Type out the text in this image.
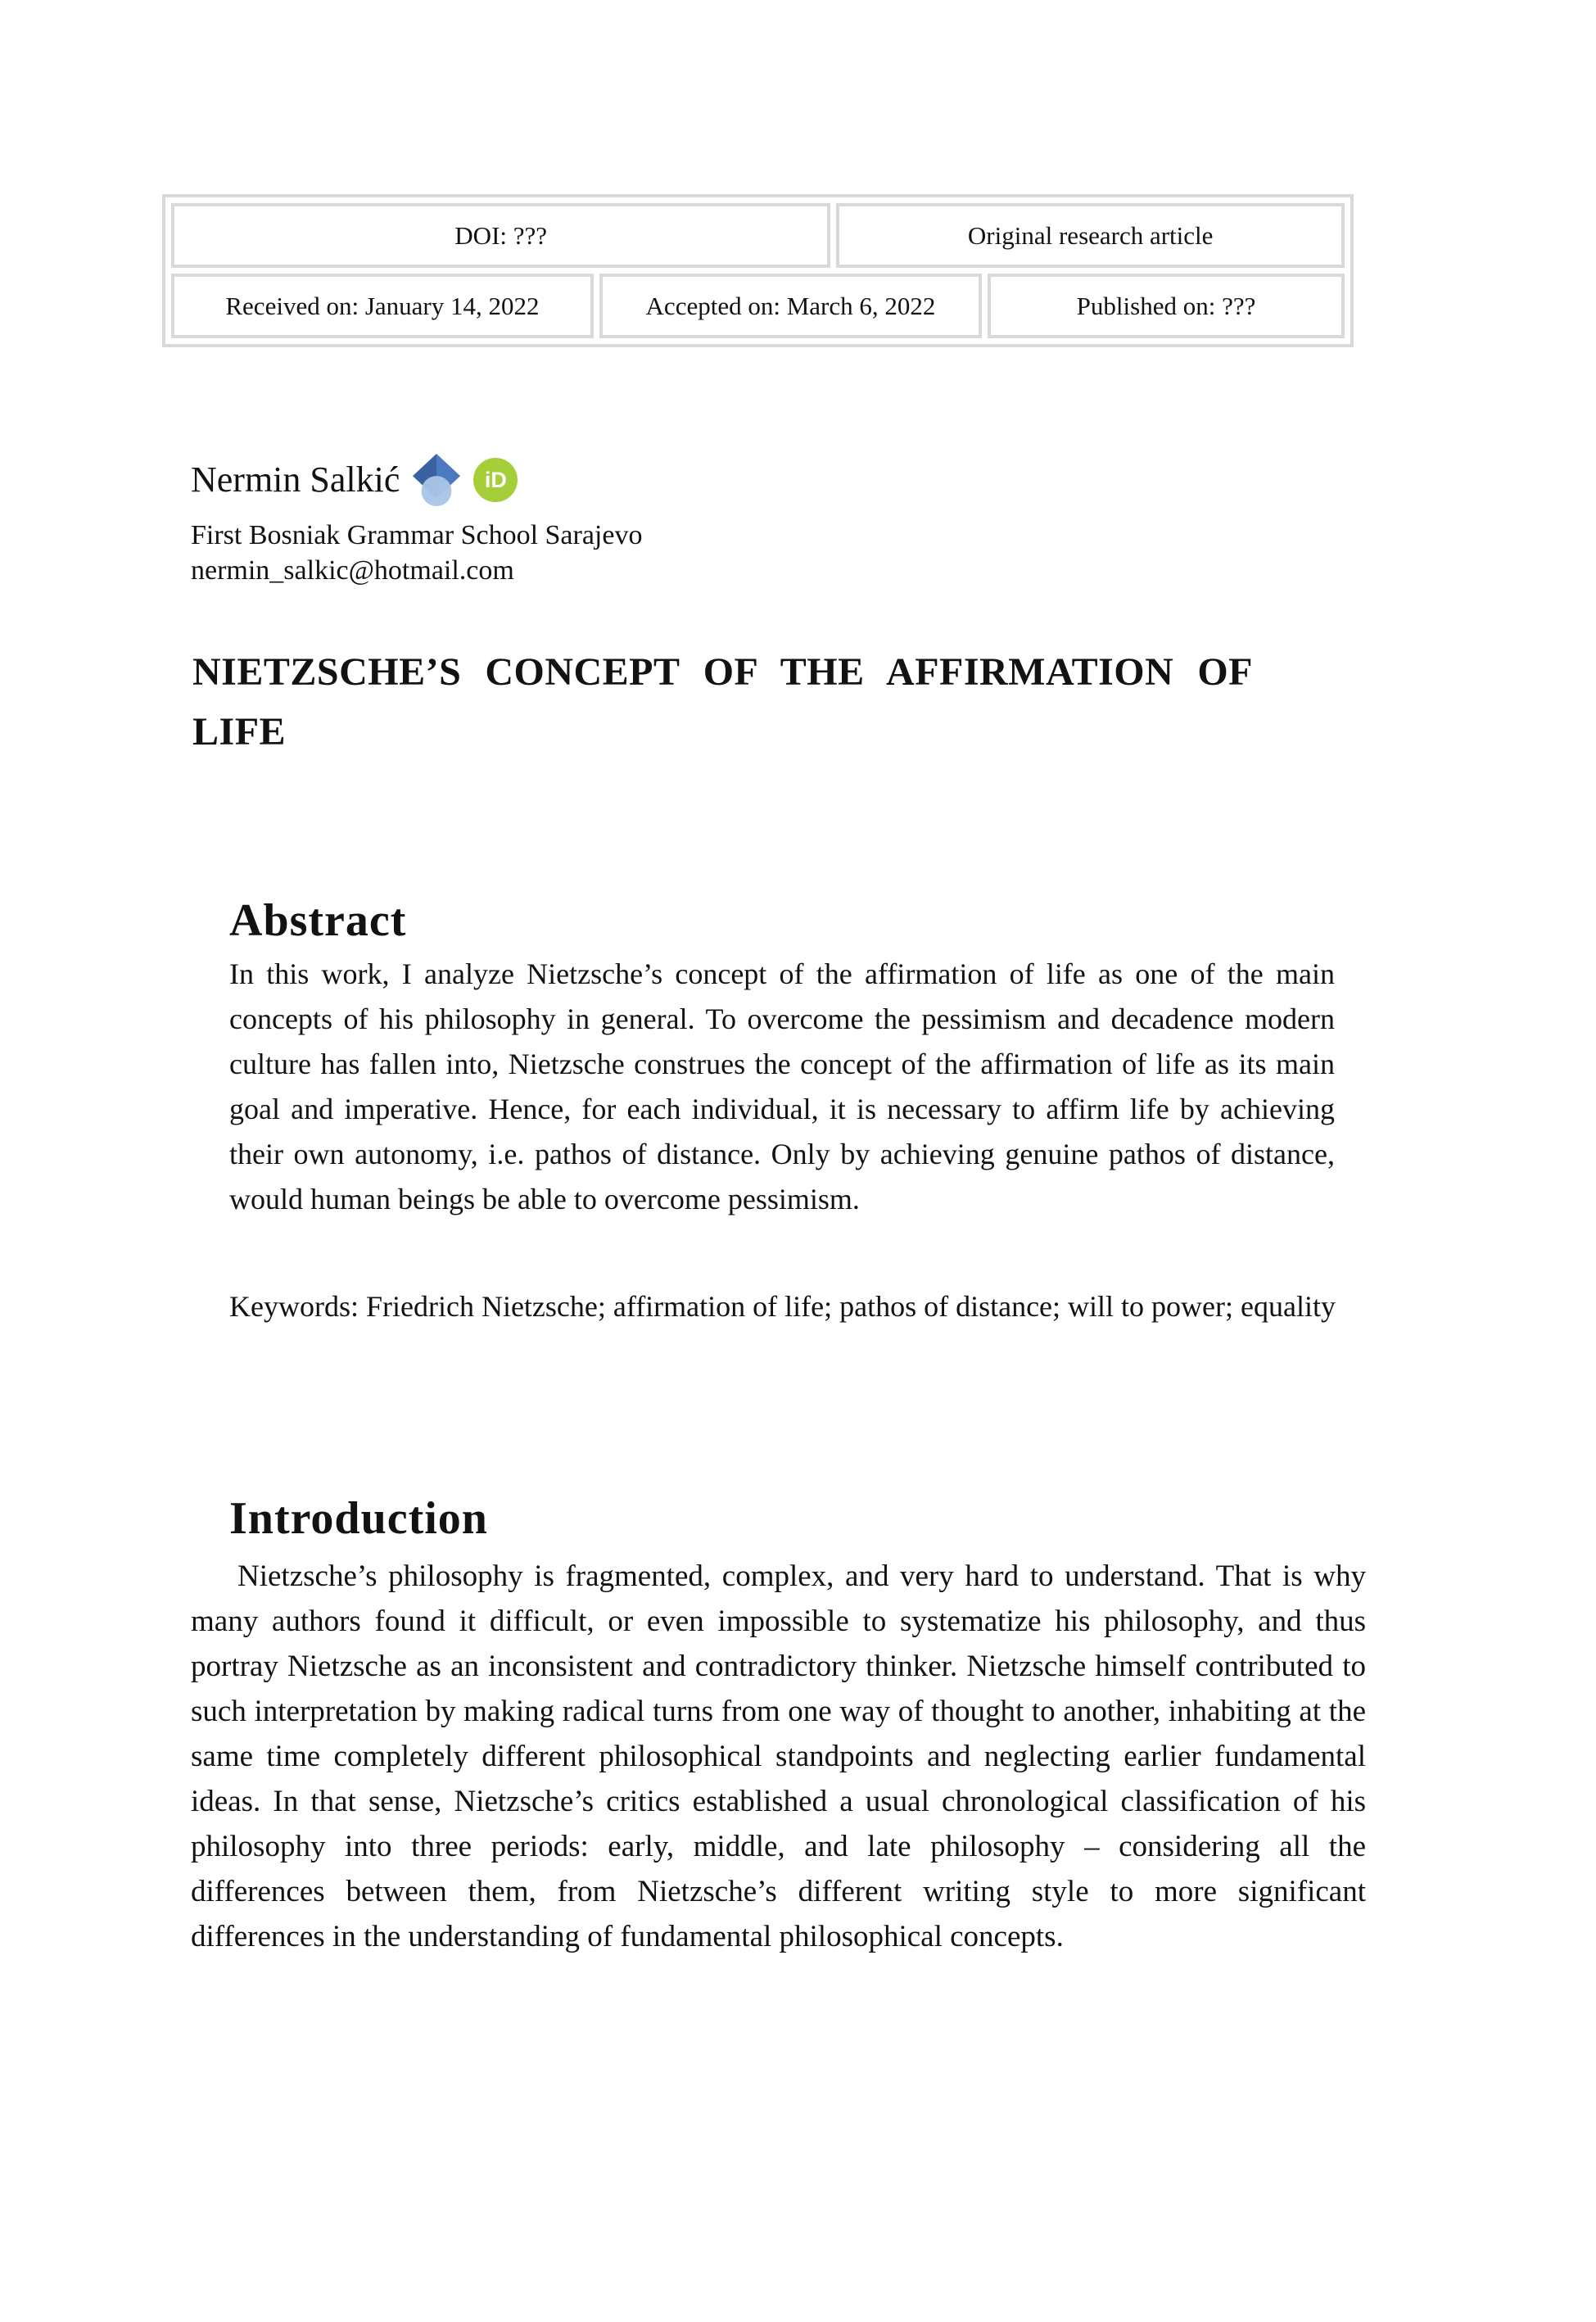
DOI: ???	Original research article
Received on: January 14, 2022	Accepted on: March 6, 2022	Published on: ???
Nermin Salkić	iD
First Bosniak Grammar School Sarajevo
nermin_salkic@hotmail.com
NIETZSCHE’S CONCEPT OF THE AFFIRMATION OF LIFE
Abstract

In this work, I analyze Nietzsche’s concept of the affirmation of life as one of the main concepts of his philosophy in general. To overcome the pessimism and decadence modern culture has fallen into, Nietzsche construes the concept of the affirmation of life as its main goal and imperative. Hence, for each individual, it is necessary to affirm life by achieving their own autonomy, i.e. pathos of distance. Only by achieving genuine pathos of distance, would human beings be able to overcome pessimism.

Keywords: Friedrich Nietzsche; affirmation of life; pathos of distance; will to power; equality

Introduction

Nietzsche’s philosophy is fragmented, complex, and very hard to understand. That is why many authors found it difficult, or even impossible to systematize his philosophy, and thus portray Nietzsche as an inconsistent and contradictory thinker. Nietzsche himself contributed to such interpretation by making radical turns from one way of thought to another, inhabiting at the same time completely different philosophical standpoints and neglecting earlier fundamental ideas. In that sense, Nietzsche’s critics established a usual chronological classification of his philosophy into three periods: early, middle, and late philosophy – considering all the differences between them, from Nietzsche’s different writing style to more significant differences in the understanding of fundamental philosophical concepts.
